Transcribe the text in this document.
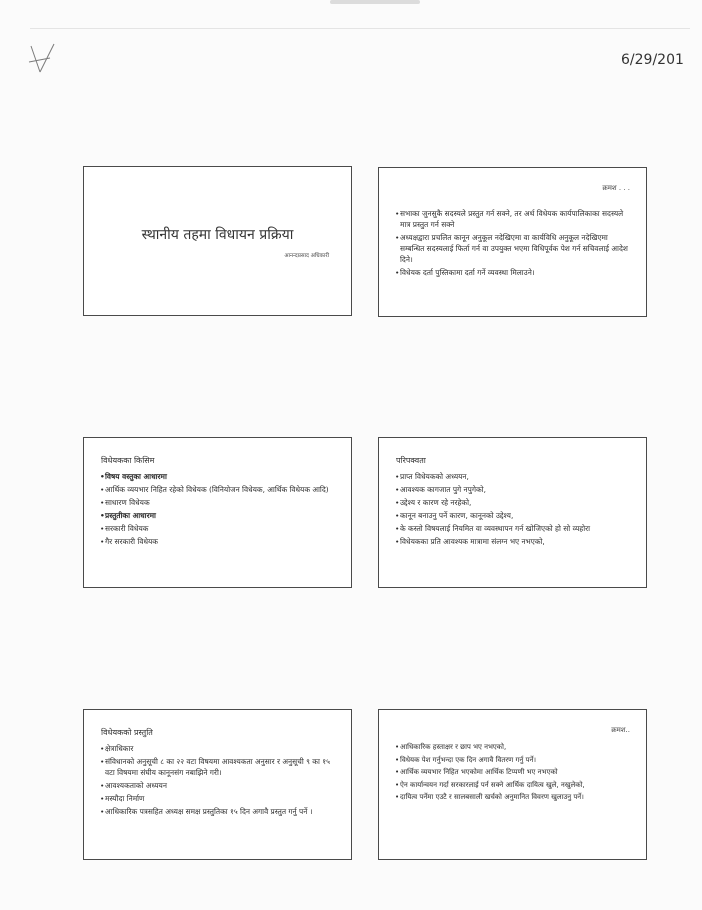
6/29/201
स्थानीय तहमा विधायन प्रक्रिया
आनन्दप्रसाद अधिकारी
क्रमश . . .
• सभाका जुनसुकै सदस्यले प्रस्तुत गर्न सक्ने, तर अर्थ विधेयक कार्यपालिकाका सदस्यले मात्र प्रस्तुत गर्न सक्ने
• अध्यक्षद्वारा प्रचलित कानून अनुकूल नदेखिएमा वा कार्यविधि अनुकूल नदेखिएमा सम्बन्धित सदस्यलाई फिर्ता गर्न वा उपयुक्त भएमा विधिपूर्वक पेश गर्न सचिवलाई आदेश दिने।
• विधेयक दर्ता पुस्तिकामा दर्ता गर्ने व्यवस्था मिलाउने।
विधेयकका किसिम
• विषय वस्तुका आधारमा
• आर्थिक व्ययभार निहित रहेको विधेयक (विनियोजन विधेयक, आर्थिक विधेयक आदि)
• साधारण विधेयक
• प्रस्तुतीका आधारमा
• सरकारी विधेयक
• गैर सरकारी विधेयक
परिपक्वता
• प्राप्त विधेयकको अध्ययन,
• आवश्यक कागजात पुगे नपुगेको,
• उद्देश्य र कारण रहे नरहेको,
• कानून बनाउनु पर्ने कारण, कानूनको उद्देश्य,
• के कस्तो विषयलाई नियमित वा व्यवस्थापन गर्न खोजिएको हो सो व्यहोरा
• विधेयकका प्रति आवश्यक मात्रामा संलग्न भए नभएको,
विधेयकको प्रस्तुति
• क्षेत्राधिकार
• संविधानको अनुसूची ८ का २२ वटा विषयमा आवश्यकता अनुसार र अनुसूची ९ का १५ वटा विषयमा संघीय कानूनसंग नबाझिने गरी।
• आवश्यकताको अध्ययन
• मस्यौदा निर्माण
• आधिकारिक पत्रसहित अध्यक्ष समक्ष प्रस्तुतिका १५ दिन अगावै प्रस्तुत गर्नु पर्ने ।
क्रमश..
• आधिकारिक हस्ताक्षर र छाप भए नभएको,
• विधेयक पेश गर्नुभन्दा एक दिन अगावै वितरण गर्नु पर्ने।
• आर्थिक व्ययभार निहित भएकोमा आर्थिक टिप्पणी भए नभएको
• ऐन कार्यान्वयन गर्दा सरकारलाई पर्न सक्ने आर्थिक दायित्व खुले, नखुलेको,
• दायित्व पर्नेमा एउटै र सालबसाली खर्चको अनुमानित विवरण खुलाउनु पर्ने।
